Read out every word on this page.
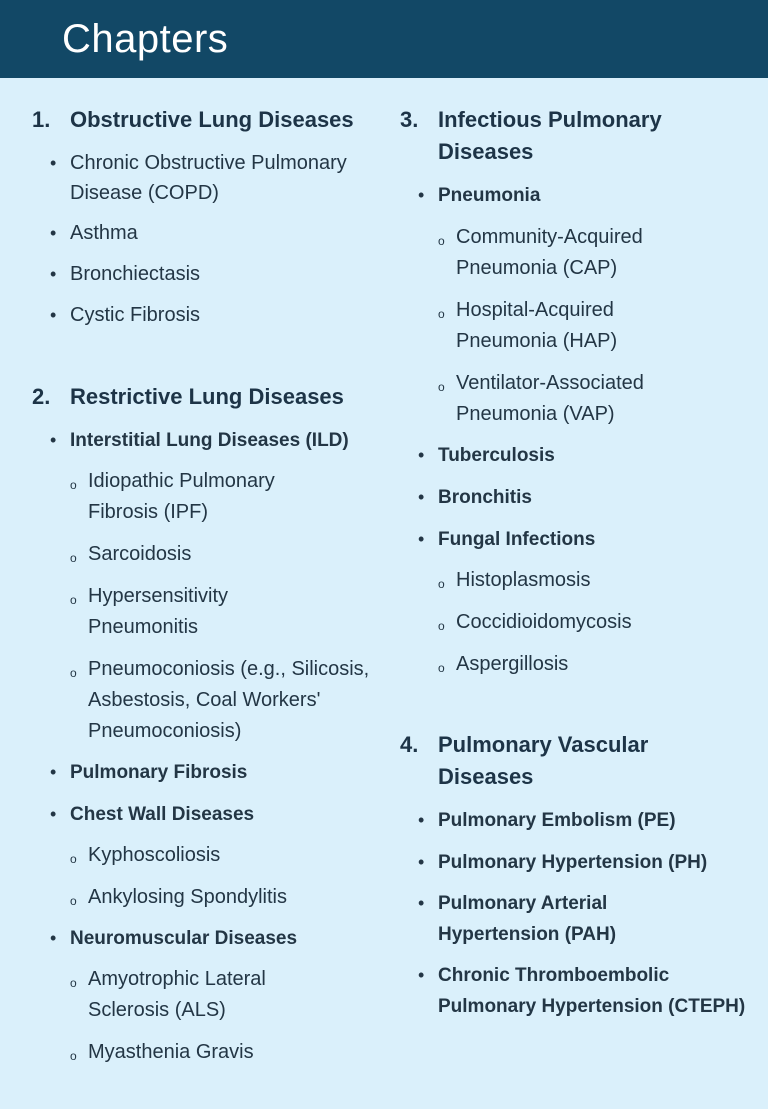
Chapters
1. Obstructive Lung Diseases
• Chronic Obstructive Pulmonary Disease (COPD)
• Asthma
• Bronchiectasis
• Cystic Fibrosis
2. Restrictive Lung Diseases
• Interstitial Lung Diseases (ILD)
o Idiopathic Pulmonary Fibrosis (IPF)
o Sarcoidosis
o Hypersensitivity Pneumonitis
o Pneumoconiosis (e.g., Silicosis, Asbestosis, Coal Workers' Pneumoconiosis)
• Pulmonary Fibrosis
• Chest Wall Diseases
o Kyphoscoliosis
o Ankylosing Spondylitis
• Neuromuscular Diseases
o Amyotrophic Lateral Sclerosis (ALS)
o Myasthenia Gravis
3. Infectious Pulmonary Diseases
• Pneumonia
o Community-Acquired Pneumonia (CAP)
o Hospital-Acquired Pneumonia (HAP)
o Ventilator-Associated Pneumonia (VAP)
• Tuberculosis
• Bronchitis
• Fungal Infections
o Histoplasmosis
o Coccidioidomycosis
o Aspergillosis
4. Pulmonary Vascular Diseases
• Pulmonary Embolism (PE)
• Pulmonary Hypertension (PH)
• Pulmonary Arterial Hypertension (PAH)
• Chronic Thromboembolic Pulmonary Hypertension (CTEPH)
